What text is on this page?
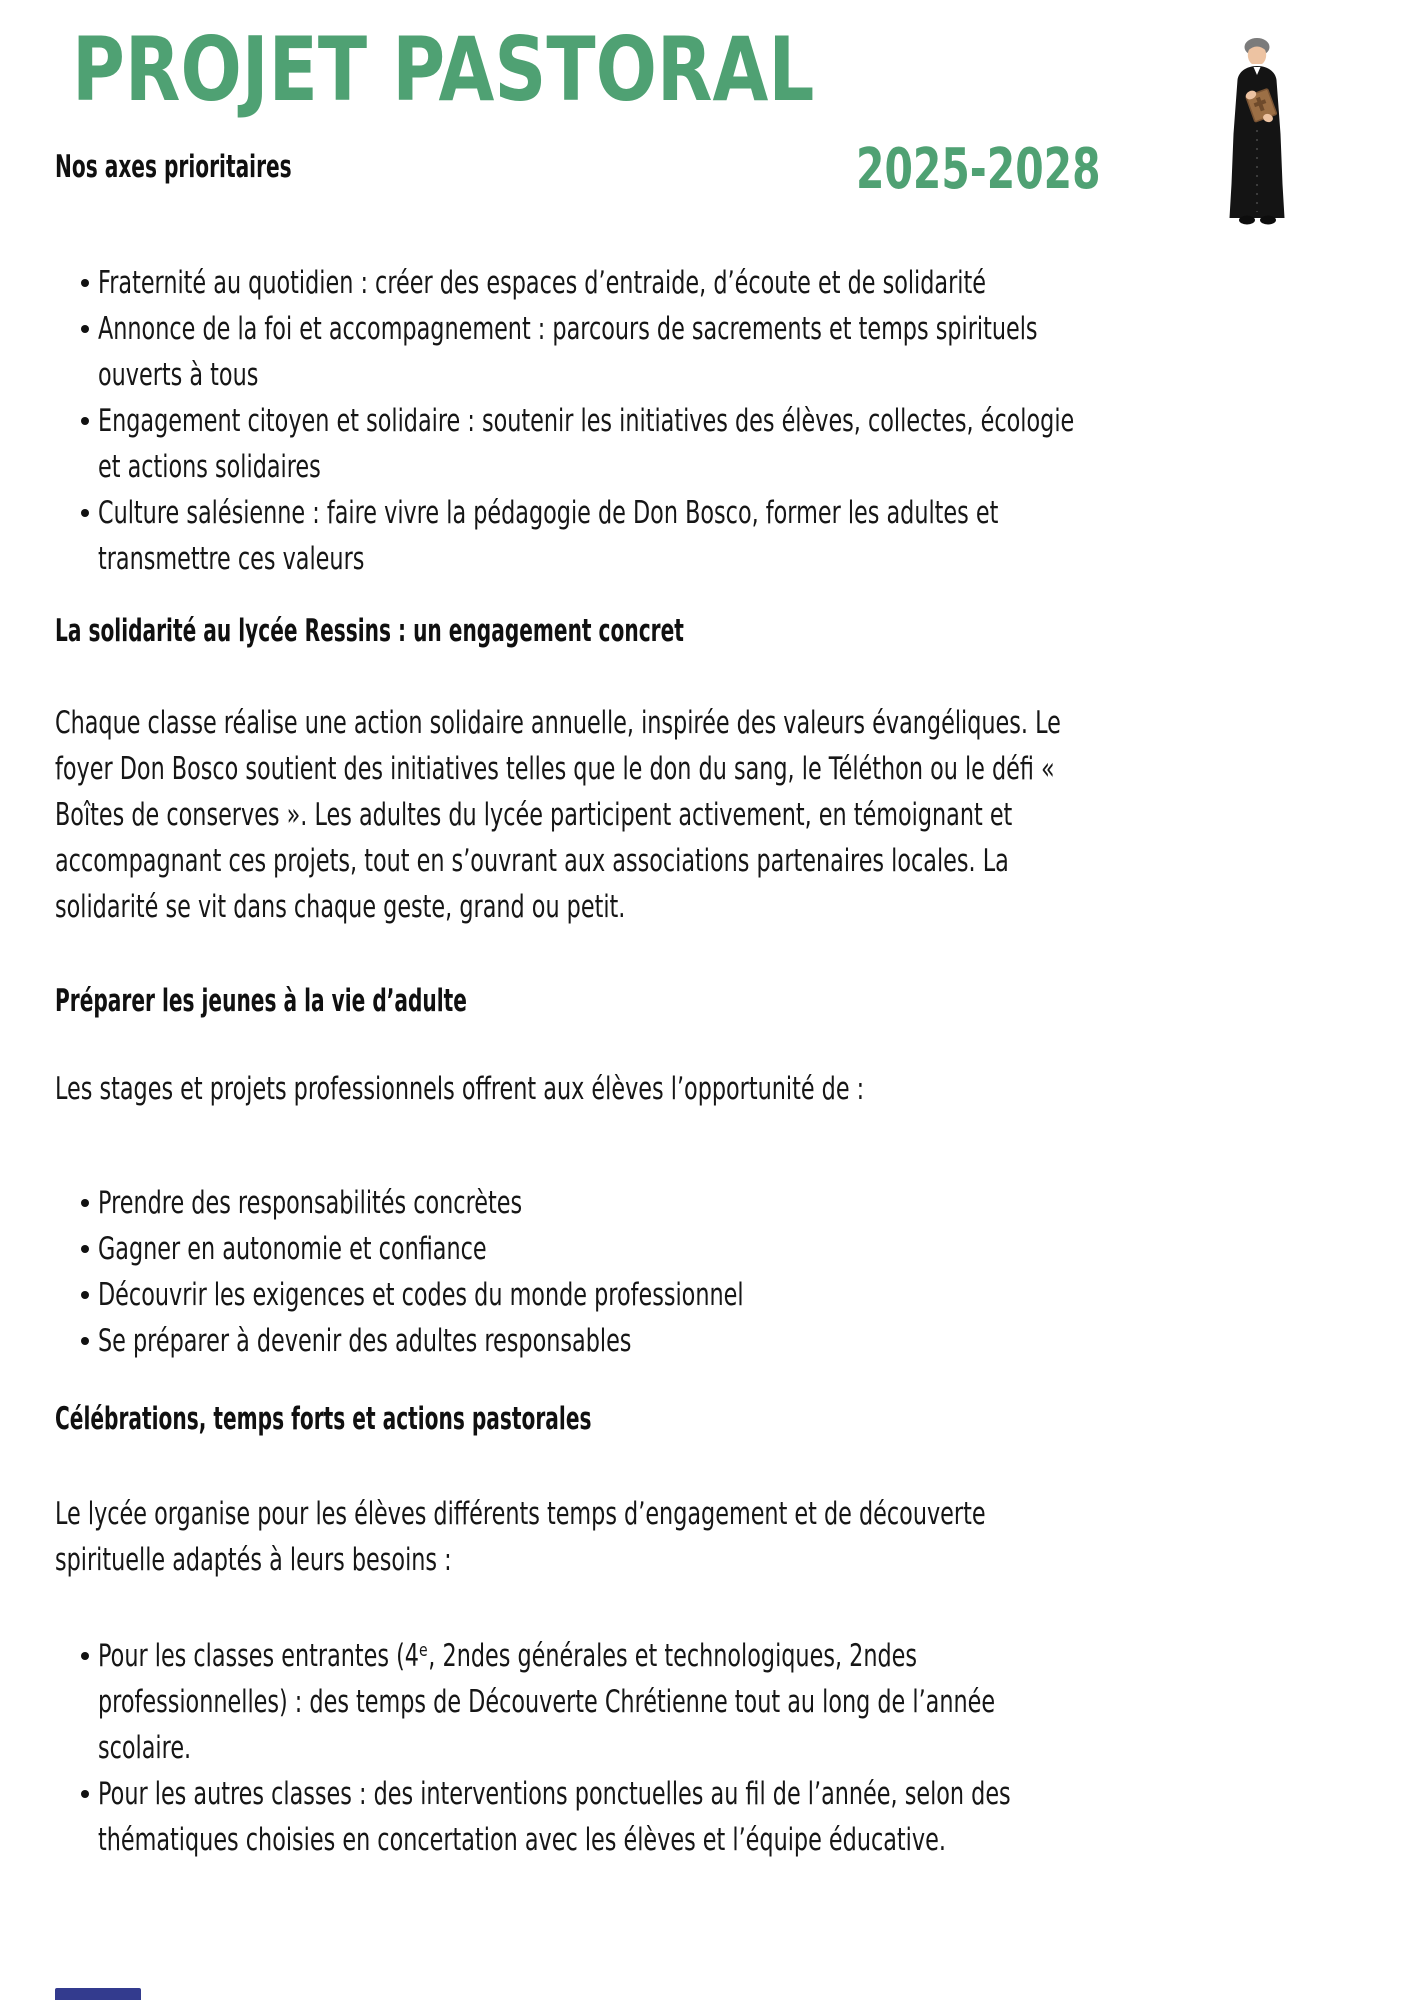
PROJET PASTORAL
Nos axes prioritaires	2025-2028
Fraternité au quotidien : créer des espaces d’entraide, d’écoute et de solidarité
Annonce de la foi et accompagnement : parcours de sacrements et temps spirituels
ouverts à tous
Engagement citoyen et solidaire : soutenir les initiatives des élèves, collectes, écologie
et actions solidaires
Culture salésienne : faire vivre la pédagogie de Don Bosco, former les adultes et
transmettre ces valeurs
La solidarité au lycée Ressins : un engagement concret
Chaque classe réalise une action solidaire annuelle, inspirée des valeurs évangéliques. Le
foyer Don Bosco soutient des initiatives telles que le don du sang, le Téléthon ou le défi «
Boîtes de conserves ». Les adultes du lycée participent activement, en témoignant et
accompagnant ces projets, tout en s’ouvrant aux associations partenaires locales. La
solidarité se vit dans chaque geste, grand ou petit.
Préparer les jeunes à la vie d’adulte
Les stages et projets professionnels offrent aux élèves l’opportunité de :
Prendre des responsabilités concrètes
Gagner en autonomie et confiance
Découvrir les exigences et codes du monde professionnel
Se préparer à devenir des adultes responsables
Célébrations, temps forts et actions pastorales
Le lycée organise pour les élèves différents temps d’engagement et de découverte
spirituelle adaptés à leurs besoins :
Pour les classes entrantes (4ᵉ, 2ndes générales et technologiques, 2ndes
professionnelles) : des temps de Découverte Chrétienne tout au long de l’année
scolaire.
Pour les autres classes : des interventions ponctuelles au fil de l’année, selon des
thématiques choisies en concertation avec les élèves et l’équipe éducative.
